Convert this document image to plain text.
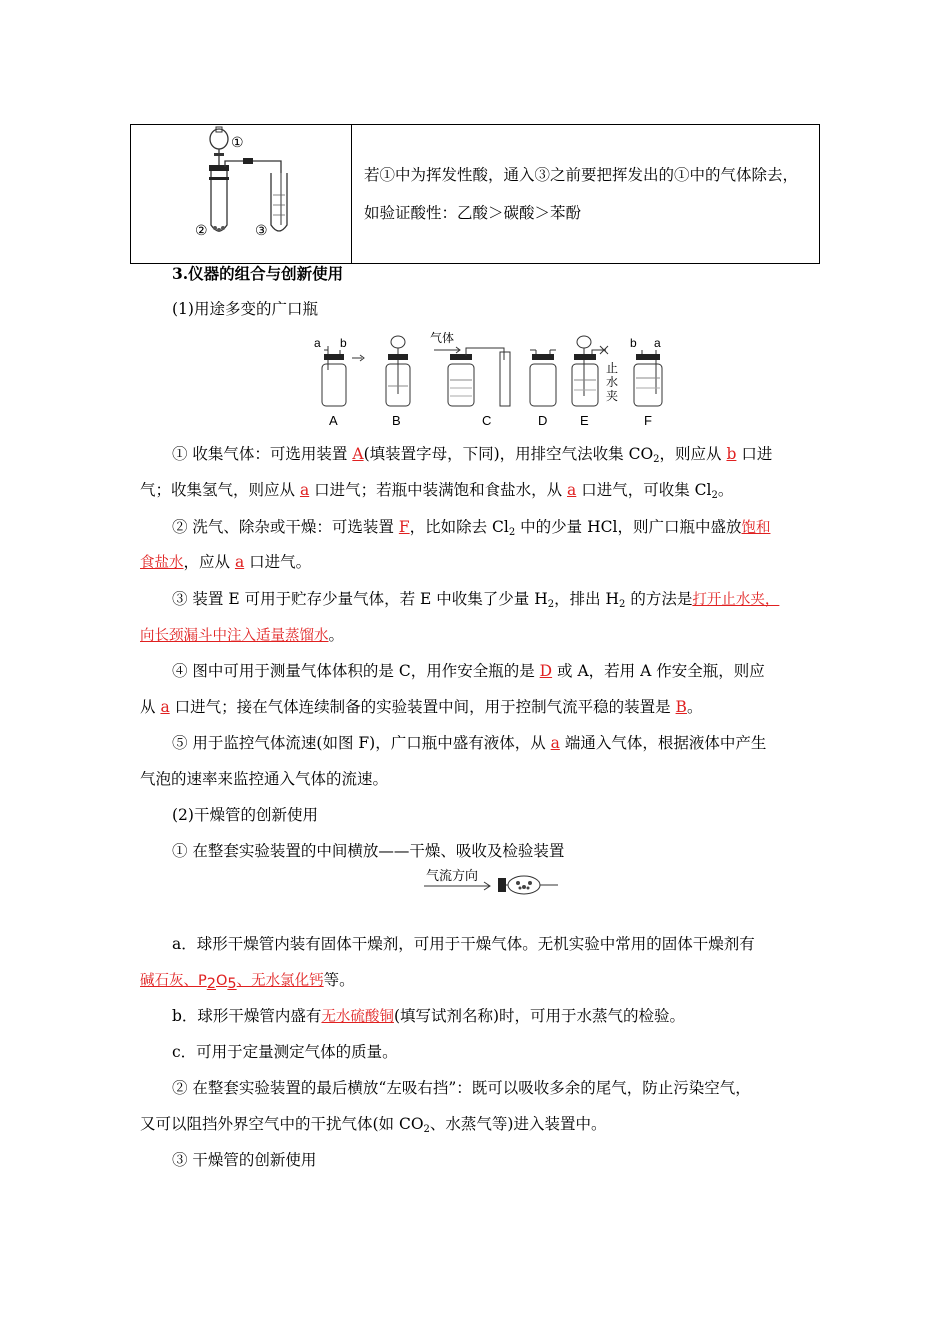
①
②	③

若①中为挥发性酸，通入③之前要把挥发出的①中的气体除去，如验证酸性：乙酸＞碳酸＞苯酚
3.仪器的组合与创新使用
(1)用途多变的广口瓶
a b
A	B
气体
C	D
止
水
夹
E
b a
F
① 收集气体：可选用装置 A(填装置字母，下同)，用排空气法收集 $CO_2$，则应从 b 口进
气；收集氢气，则应从 a 口进气；若瓶中装满饱和食盐水，从 a 口进气，可收集 $Cl_2$。
② 洗气、除杂或干燥：可选装置 F，比如除去 $Cl_2$ 中的少量 HCl，则广口瓶中盛放饱和
食盐水，应从 a 口进气。
③ 装置 E 可用于贮存少量气体，若 E 中收集了少量 $H_2$，排出 $H_2$ 的方法是打开止水夹，
向长颈漏斗中注入适量蒸馏水。
④ 图中可用于测量气体体积的是 C，用作安全瓶的是 D 或 A，若用 A 作安全瓶，则应
从 a 口进气；接在气体连续制备的实验装置中间，用于控制气流平稳的装置是 B。
⑤ 用于监控气体流速(如图 F)，广口瓶中盛有液体，从 a 端通入气体，根据液体中产生
气泡的速率来监控通入气体的流速。
(2)干燥管的创新使用
① 在整套实验装置的中间横放——干燥、吸收及检验装置
气流方向
a．球形干燥管内装有固体干燥剂，可用于干燥气体。无机实验中常用的固体干燥剂有
碱石灰、$P_2O_5$、无水氯化钙等。
b．球形干燥管内盛有无水硫酸铜(填写试剂名称)时，可用于水蒸气的检验。
c．可用于定量测定气体的质量。
② 在整套实验装置的最后横放“左吸右挡”：既可以吸收多余的尾气，防止污染空气，
又可以阻挡外界空气中的干扰气体(如 $CO_2$、水蒸气等)进入装置中。
③ 干燥管的创新使用
